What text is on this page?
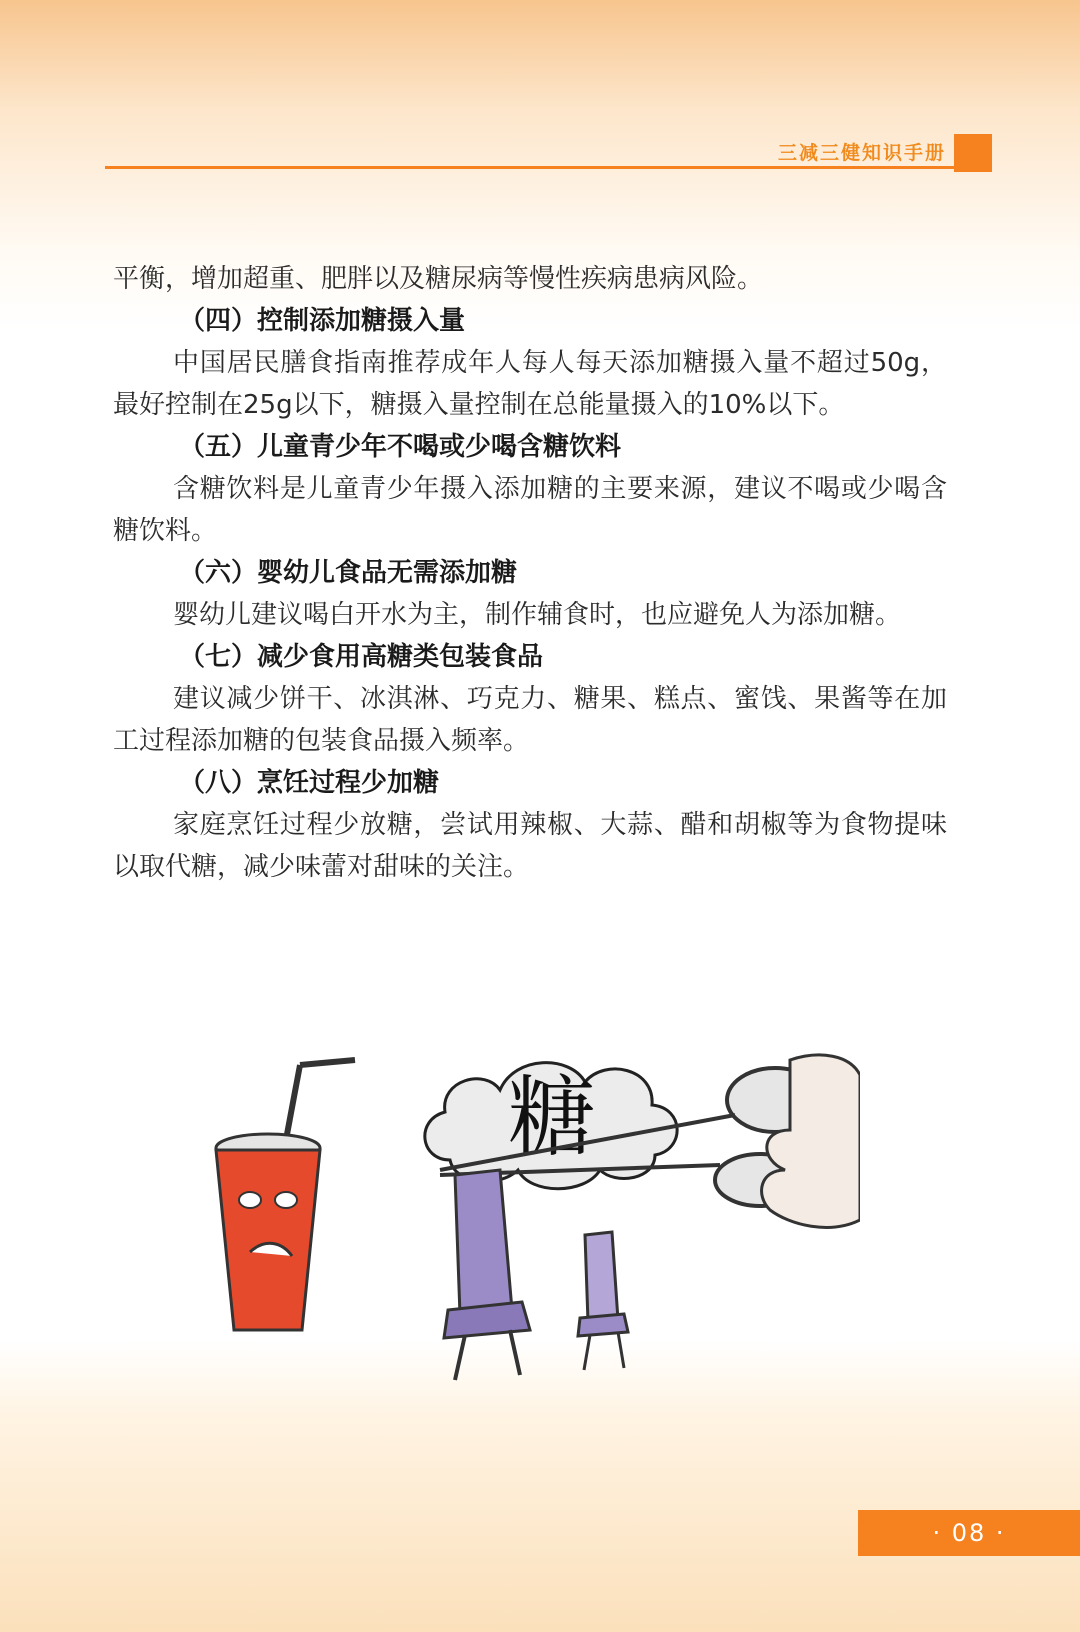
三减三健知识手册

平衡，增加超重、肥胖以及糖尿病等慢性疾病患病风险。

（四）控制添加糖摄入量

中国居民膳食指南推荐成年人每人每天添加糖摄入量不超过50g，最好控制在25g以下，糖摄入量控制在总能量摄入的10%以下。

（五）儿童青少年不喝或少喝含糖饮料

含糖饮料是儿童青少年摄入添加糖的主要来源，建议不喝或少喝含糖饮料。

（六）婴幼儿食品无需添加糖

婴幼儿建议喝白开水为主，制作辅食时，也应避免人为添加糖。

（七）减少食用高糖类包装食品

建议减少饼干、冰淇淋、巧克力、糖果、糕点、蜜饯、果酱等在加工过程添加糖的包装食品摄入频率。

（八）烹饪过程少加糖

家庭烹饪过程少放糖，尝试用辣椒、大蒜、醋和胡椒等为食物提味以取代糖，减少味蕾对甜味的关注。

糖
· 08 ·
